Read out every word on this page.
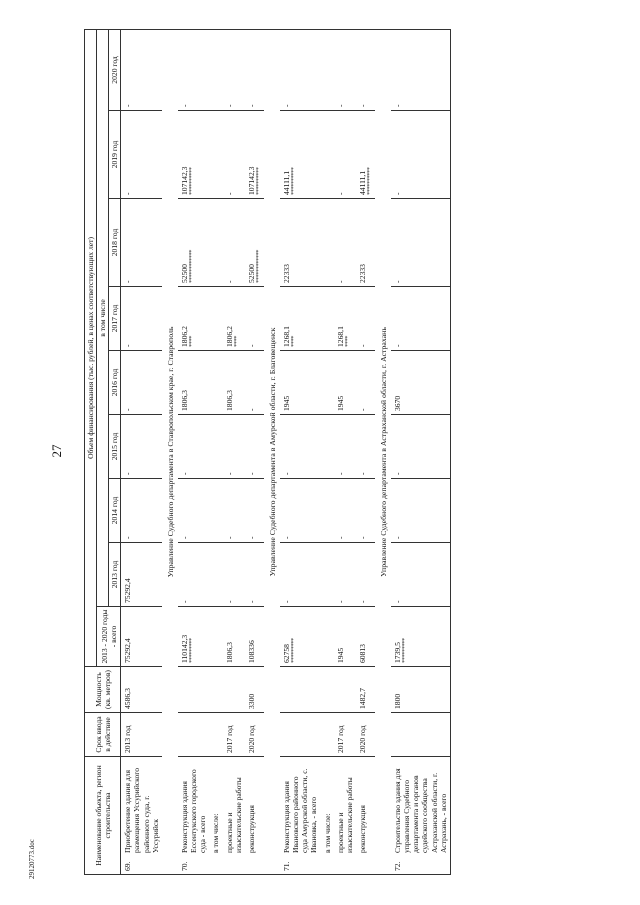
27
29120773.doc	Наименование объекта, регион строительства	Срок ввода в действие	Мощность (кв. метров)	Объем финансирования (тыс. рублей, в ценах соответствующих лет)								
			2013 - 2020 годы - всего	в том числе							
				2013 год	2014 год	2015 год	2016 год	2017 год	2018 год	2019 год	2020 год
69.Приобретение здания для размещения Уссурийского районного суда, г. Уссурийск	2013 год	4586,3	75292,4	75292,4	-	-	-	-	-	-	-
Управление Судебного департамента в Ставропольском крае, г. Ставрополь											
70.Реконструкция здания Ессентукского городского суда - всего			110142,3 *********	-	-	-	1806,3	1806,2 ****	52500 ************	107142,3 **********	-
в том числе:											
проектные и изыскательские работы	2017 год		1806,3	-	-	-	1806,3	1806,2 ****	-	-	-
реконструкция	2020 год	3300	108336	-	-	-	-	-	52500 ************	107142,3 **********	-
Управление Судебного департамента в Амурской области, г. Благовещенск											
71.Реконструкция здания Ивановского районного суда Амурской области, с. Ивановка, - всего			62758 *********	-	-	-	1945	1268,1 ****	22333	44111,1 **********	-
в том числе:											
проектные и изыскательские работы	2017 год		1945	-	-	-	1945	1268,1 ****	-	-	-
реконструкция	2020 год	1482,7	60813	-	-	-	-	-	22333	44111,1 **********	-
Управление Судебного департамента в Астраханской области, г. Астрахань											
72.Строительство здания для управления Судебного департамента и органов судейского сообщества Астраханской области, г. Астрахань, - всего		1800	1739,5 *********	-	-	-	3670	-	-	-	-
